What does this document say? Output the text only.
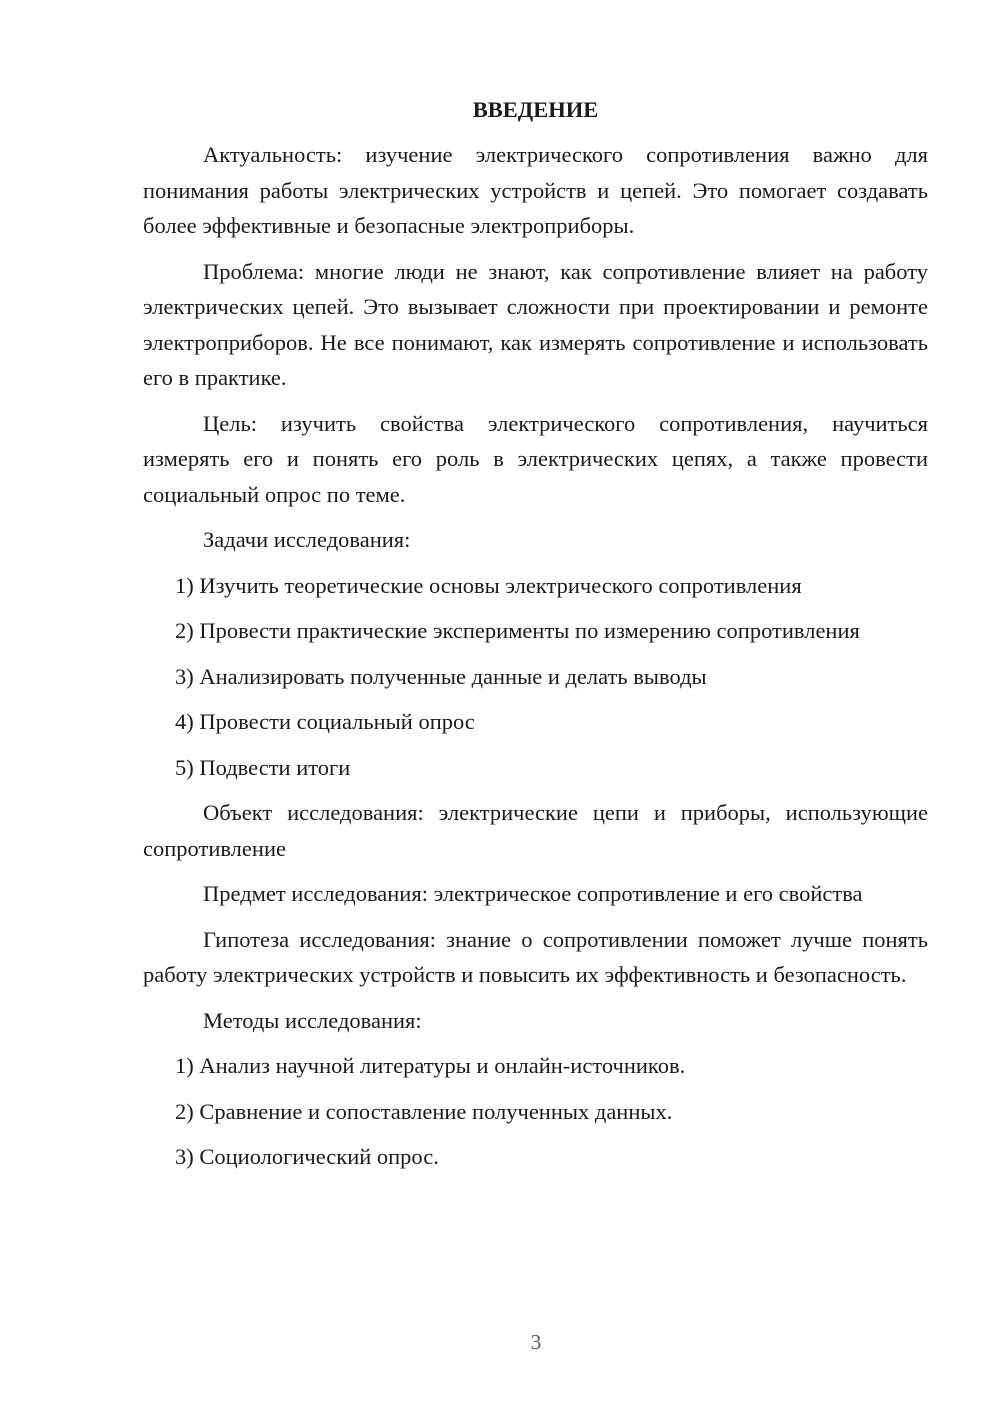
ВВЕДЕНИЕ

Актуальность: изучение электрического сопротивления важно для понимания работы электрических устройств и цепей. Это помогает создавать более эффективные и безопасные электроприборы.

Проблема: многие люди не знают, как сопротивление влияет на работу электрических цепей. Это вызывает сложности при проектировании и ремонте электроприборов. Не все понимают, как измерять сопротивление и использовать его в практике.

Цель: изучить свойства электрического сопротивления, научиться измерять его и понять его роль в электрических цепях, а также провести социальный опрос по теме.

Задачи исследования:
1) Изучить теоретические основы электрического сопротивления
2) Провести практические эксперименты по измерению сопротивления
3) Анализировать полученные данные и делать выводы
4) Провести социальный опрос
5) Подвести итоги

Объект исследования: электрические цепи и приборы, использующие сопротивление

Предмет исследования: электрическое сопротивление и его свойства

Гипотеза исследования: знание о сопротивлении поможет лучше понять работу электрических устройств и повысить их эффективность и безопасность.

Методы исследования:
1) Анализ научной литературы и онлайн-источников.
2) Сравнение и сопоставление полученных данных.
3) Социологический опрос.
3
